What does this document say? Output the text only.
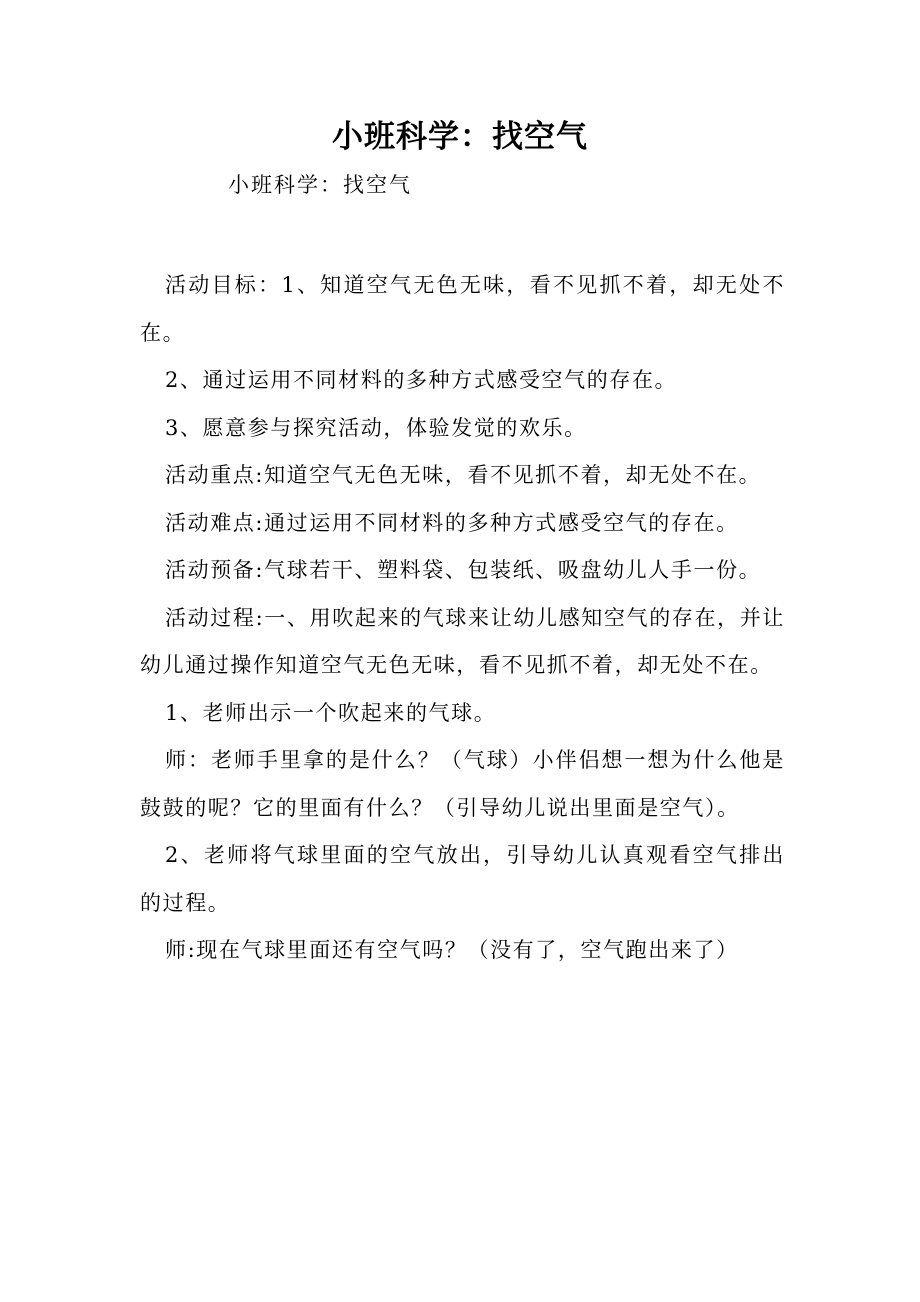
小班科学：找空气

小班科学：找空气

活动目标：1、知道空气无色无味，看不见抓不着，却无处不在。

2、通过运用不同材料的多种方式感受空气的存在。

3、愿意参与探究活动，体验发觉的欢乐。

活动重点:知道空气无色无味，看不见抓不着，却无处不在。

活动难点:通过运用不同材料的多种方式感受空气的存在。

活动预备:气球若干、塑料袋、包装纸、吸盘幼儿人手一份。

活动过程:一、用吹起来的气球来让幼儿感知空气的存在，并让幼儿通过操作知道空气无色无味，看不见抓不着，却无处不在。

1、老师出示一个吹起来的气球。

师：老师手里拿的是什么？（气球）小伴侣想一想为什么他是鼓鼓的呢？它的里面有什么？（引导幼儿说出里面是空气）。

2、老师将气球里面的空气放出，引导幼儿认真观看空气排出的过程。

师:现在气球里面还有空气吗？（没有了，空气跑出来了）
